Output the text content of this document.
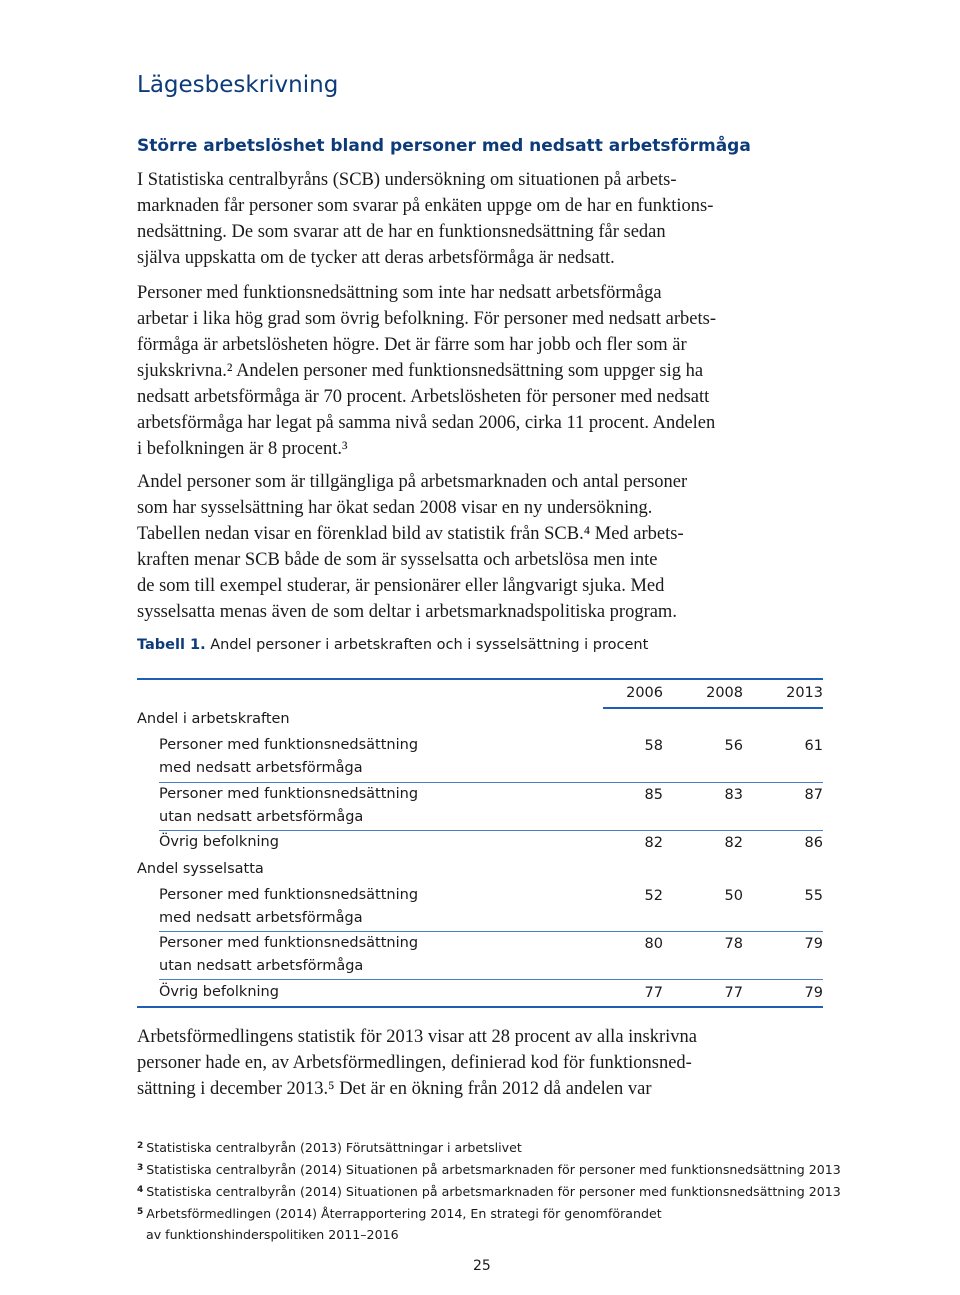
Lägesbeskrivning
Större arbetslöshet bland personer med nedsatt arbetsförmåga

I Statistiska centralbyråns (SCB) undersökning om situationen på arbets-
marknaden får personer som svarar på enkäten uppge om de har en funktions-
nedsättning. De som svarar att de har en funktionsnedsättning får sedan
själva uppskatta om de tycker att deras arbetsförmåga är nedsatt.

Personer med funktionsnedsättning som inte har nedsatt arbetsförmåga
arbetar i lika hög grad som övrig befolkning. För personer med nedsatt arbets-
förmåga är arbetslösheten högre. Det är färre som har jobb och fler som är
sjukskrivna.² Andelen personer med funktionsnedsättning som uppger sig ha
nedsatt arbetsförmåga är 70 procent. Arbetslösheten för personer med nedsatt
arbetsförmåga har legat på samma nivå sedan 2006, cirka 11 procent. Andelen
i befolkningen är 8 procent.³

Andel personer som är tillgängliga på arbetsmarknaden och antal personer
som har sysselsättning har ökat sedan 2008 visar en ny undersökning.
Tabellen nedan visar en förenklad bild av statistik från SCB.⁴ Med arbets-
kraften menar SCB både de som är sysselsatta och arbetslösa men inte
de som till exempel studerar, är pensionärer eller långvarigt sjuka. Med
sysselsatta menas även de som deltar i arbetsmarknadspolitiska program.

Tabell 1. Andel personer i arbetskraften och i sysselsättning i procent

2006	2008	2013
Andel i arbetskraften
Personer med funktionsnedsättning
med nedsatt arbetsförmåga
58	56	61
Personer med funktionsnedsättning
utan nedsatt arbetsförmåga
85	83	87
Övrig befolkning	82	82	86
Andel sysselsatta
Personer med funktionsnedsättning
med nedsatt arbetsförmåga
52	50	55
Personer med funktionsnedsättning
utan nedsatt arbetsförmåga
80	78	79
Övrig befolkning	77	77	79

Arbetsförmedlingens statistik för 2013 visar att 28 procent av alla inskrivna
personer hade en, av Arbetsförmedlingen, definierad kod för funktionsned-
sättning i december 2013.⁵ Det är en ökning från 2012 då andelen var

$^2$ Statistiska centralbyrån (2013) Förutsättningar i arbetslivet
$^3$ Statistiska centralbyrån (2014) Situationen på arbetsmarknaden för personer med funktionsnedsättning 2013
$^4$ Statistiska centralbyrån (2014) Situationen på arbetsmarknaden för personer med funktionsnedsättning 2013
$^5$ Arbetsförmedlingen (2014) Återrapportering 2014, En strategi för genomförandet
av funktionshinderspolitiken 2011–2016
25
